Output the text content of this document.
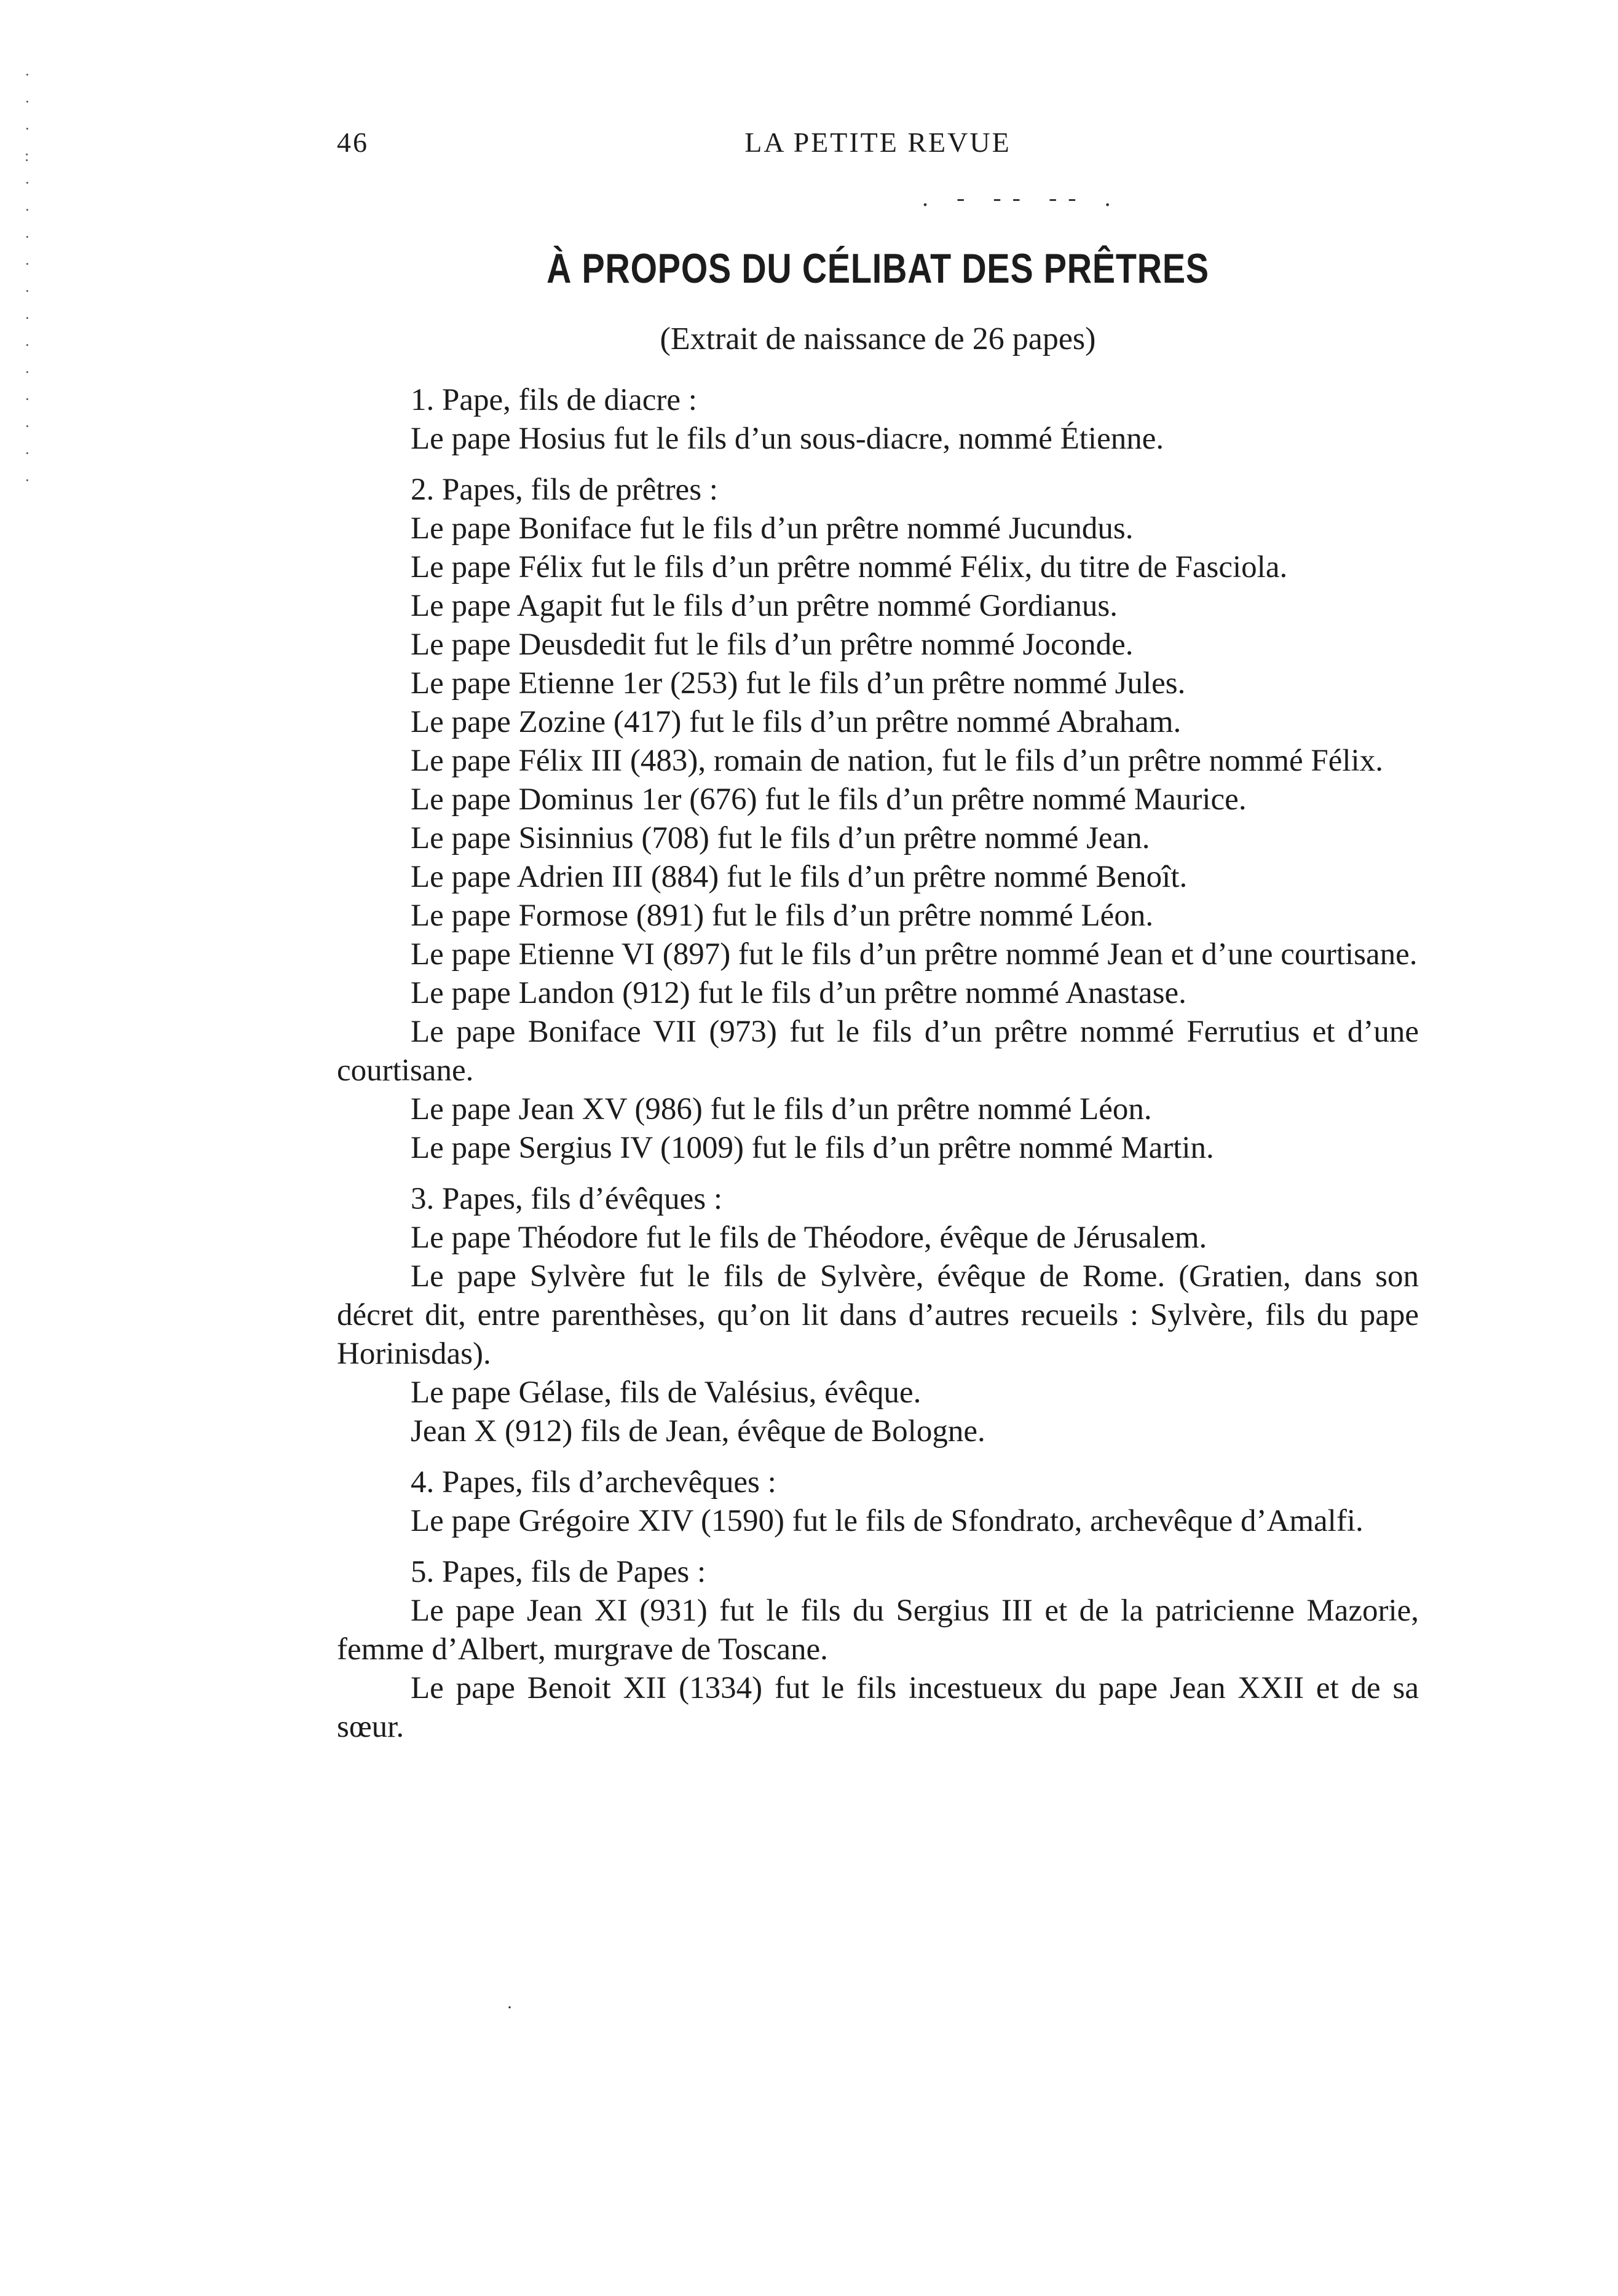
·
·
·
:
·
·
·
·
·
·
·
·
·
·
·
·
46	LA PETITE REVUE
. - -- -- .
À PROPOS DU CÉLIBAT DES PRÊTRES
(Extrait de naissance de 26 papes)

1. Pape, fils de diacre :

Le pape Hosius fut le fils d’un sous-diacre, nommé Étienne.

2. Papes, fils de prêtres :

Le pape Boniface fut le fils d’un prêtre nommé Jucundus.

Le pape Félix fut le fils d’un prêtre nommé Félix, du titre de Fasciola.

Le pape Agapit fut le fils d’un prêtre nommé Gordianus.

Le pape Deusdedit fut le fils d’un prêtre nommé Joconde.

Le pape Etienne 1er (253) fut le fils d’un prêtre nommé Jules.

Le pape Zozine (417) fut le fils d’un prêtre nommé Abraham.

Le pape Félix III (483), romain de nation, fut le fils d’un prêtre nommé Félix.

Le pape Dominus 1er (676) fut le fils d’un prêtre nommé Maurice.

Le pape Sisinnius (708) fut le fils d’un prêtre nommé Jean.

Le pape Adrien III (884) fut le fils d’un prêtre nommé Benoît.

Le pape Formose (891) fut le fils d’un prêtre nommé Léon.

Le pape Etienne VI (897) fut le fils d’un prêtre nommé Jean et d’une courtisane.

Le pape Landon (912) fut le fils d’un prêtre nommé Anastase.

Le pape Boniface VII (973) fut le fils d’un prêtre nommé Ferrutius et d’une courtisane.

Le pape Jean XV (986) fut le fils d’un prêtre nommé Léon.

Le pape Sergius IV (1009) fut le fils d’un prêtre nommé Martin.

3. Papes, fils d’évêques :

Le pape Théodore fut le fils de Théodore, évêque de Jérusalem.

Le pape Sylvère fut le fils de Sylvère, évêque de Rome. (Gratien, dans son décret dit, entre parenthèses, qu’on lit dans d’autres recueils : Sylvère, fils du pape Horinisdas).

Le pape Gélase, fils de Valésius, évêque.

Jean X (912) fils de Jean, évêque de Bologne.

4. Papes, fils d’archevêques :

Le pape Grégoire XIV (1590) fut le fils de Sfondrato, archevêque d’Amalfi.

5. Papes, fils de Papes :

Le pape Jean XI (931) fut le fils du Sergius III et de la patricienne Mazorie, femme d’Albert, murgrave de Toscane.

Le pape Benoit XII (1334) fut le fils incestueux du pape Jean XXII et de sa sœur.

·
